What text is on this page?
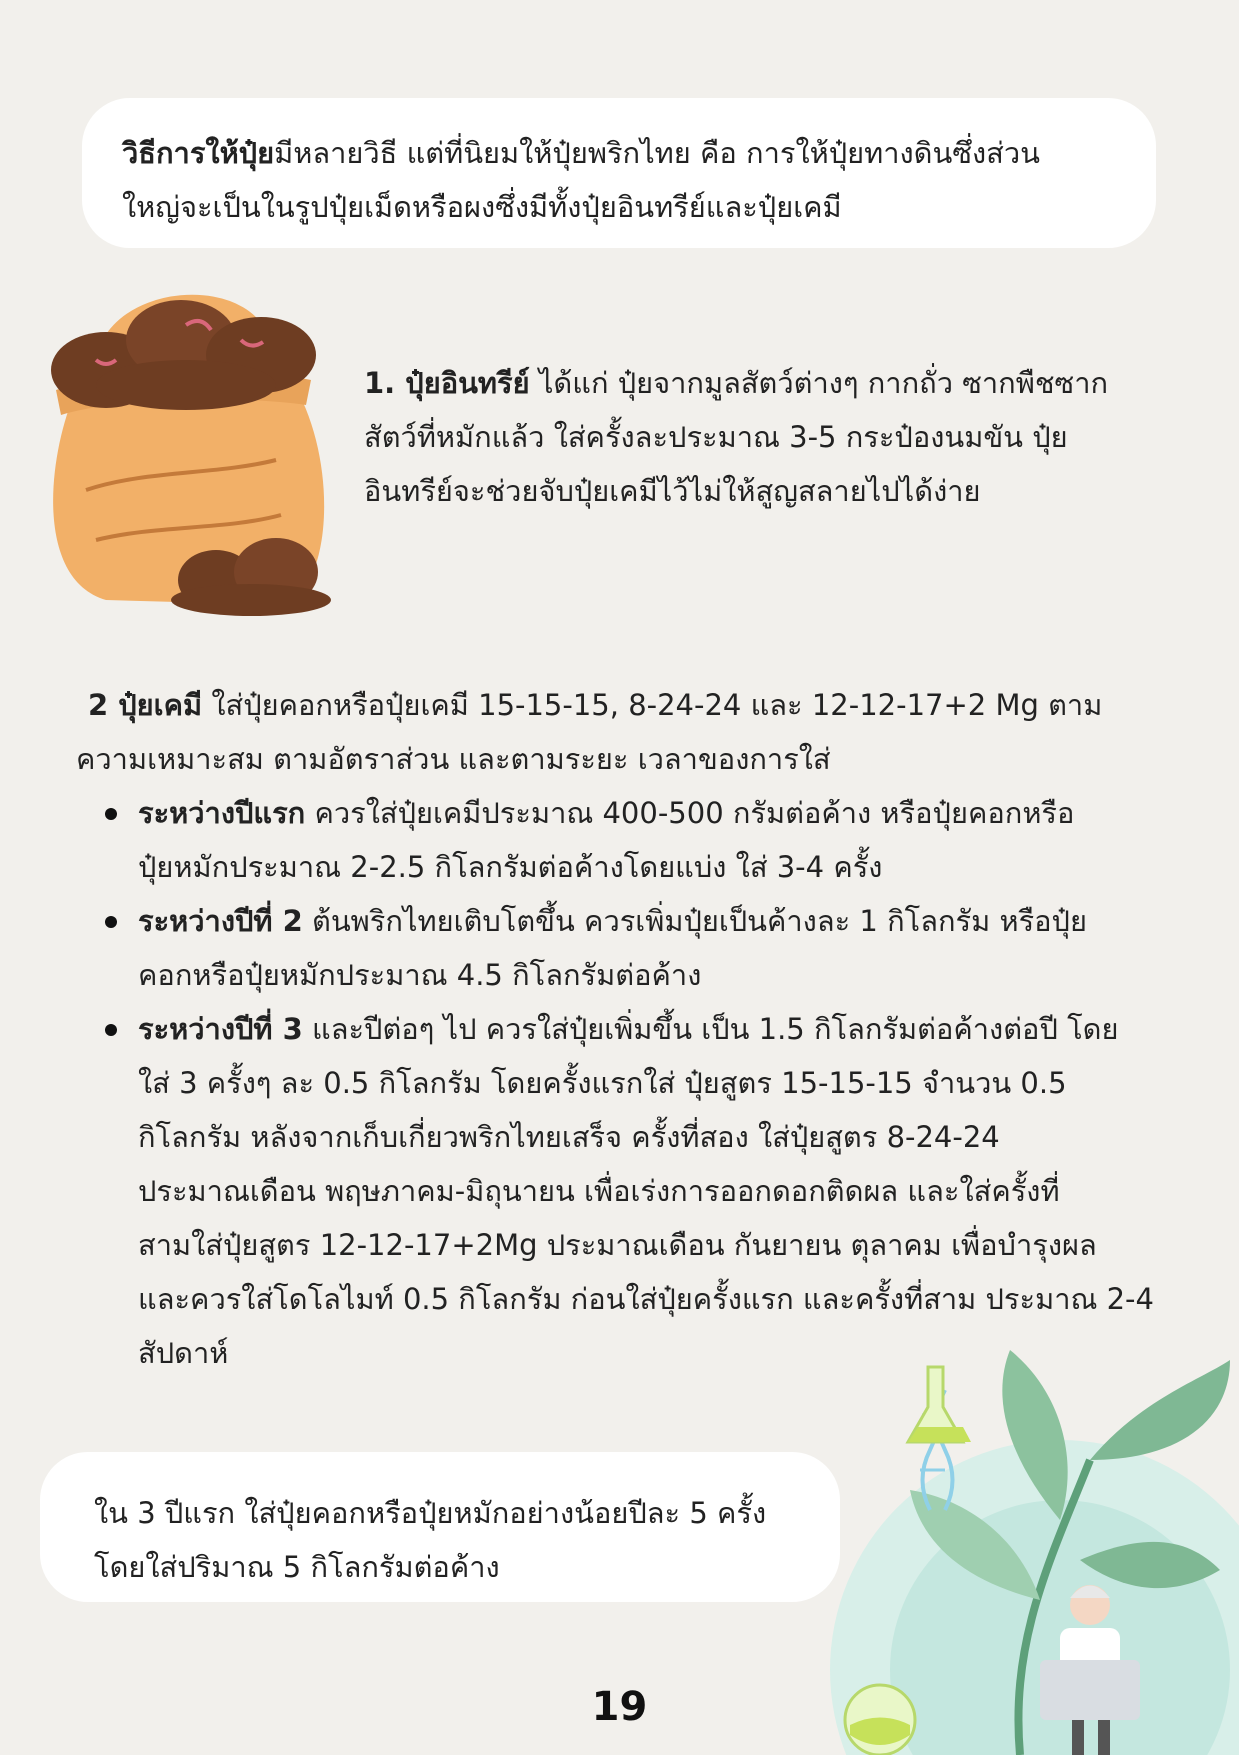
วิธีการให้ปุ๋ยมีหลายวิธี แต่ที่นิยมให้ปุ๋ยพริกไทย คือ การให้ปุ๋ยทางดินซึ่งส่วน

ใหญ่จะเป็นในรูปปุ๋ยเม็ดหรือผงซึ่งมีทั้งปุ๋ยอินทรีย์และปุ๋ยเคมี

1. ปุ๋ยอินทรีย์ ได้แก่ ปุ๋ยจากมูลสัตว์ต่างๆ กากถั่ว ซากพืชซาก

สัตว์ที่หมักแล้ว ใส่ครั้งละประมาณ 3-5 กระป๋องนมขัน ปุ๋ย

อินทรีย์จะช่วยจับปุ๋ยเคมีไว้ไม่ให้สูญสลายไปได้ง่าย

2 ปุ๋ยเคมี ใส่ปุ๋ยคอกหรือปุ๋ยเคมี 15-15-15, 8-24-24 และ 12-12-17+2 Mg ตาม

ความเหมาะสม ตามอัตราส่วน และตามระยะ เวลาของการใส่

ระหว่างปีแรก ควรใส่ปุ๋ยเคมีประมาณ 400-500 กรัมต่อค้าง หรือปุ๋ยคอกหรือ

ปุ๋ยหมักประมาณ 2-2.5 กิโลกรัมต่อค้างโดยแบ่ง ใส่ 3-4 ครั้ง

ระหว่างปีที่ 2 ต้นพริกไทยเติบโตขึ้น ควรเพิ่มปุ๋ยเป็นค้างละ 1 กิโลกรัม หรือปุ๋ย

คอกหรือปุ๋ยหมักประมาณ 4.5 กิโลกรัมต่อค้าง

ระหว่างปีที่ 3 และปีต่อๆ ไป ควรใส่ปุ๋ยเพิ่มขึ้น เป็น 1.5 กิโลกรัมต่อค้างต่อปี โดย

ใส่ 3 ครั้งๆ ละ 0.5 กิโลกรัม โดยครั้งแรกใส่ ปุ๋ยสูตร 15-15-15 จำนวน 0.5

กิโลกรัม หลังจากเก็บเกี่ยวพริกไทยเสร็จ ครั้งที่สอง ใส่ปุ๋ยสูตร 8-24-24

ประมาณเดือน พฤษภาคม-มิถุนายน เพื่อเร่งการออกดอกติดผล และใส่ครั้งที่

สามใส่ปุ๋ยสูตร 12-12-17+2Mg ประมาณเดือน กันยายน ตุลาคม เพื่อบำรุงผล

และควรใส่โดโลไมท์ 0.5 กิโลกรัม ก่อนใส่ปุ๋ยครั้งแรก และครั้งที่สาม ประมาณ 2-4

สัปดาห์

ใน 3 ปีแรก ใส่ปุ๋ยคอกหรือปุ๋ยหมักอย่างน้อยปีละ 5 ครั้ง

โดยใส่ปริมาณ 5 กิโลกรัมต่อค้าง

19
